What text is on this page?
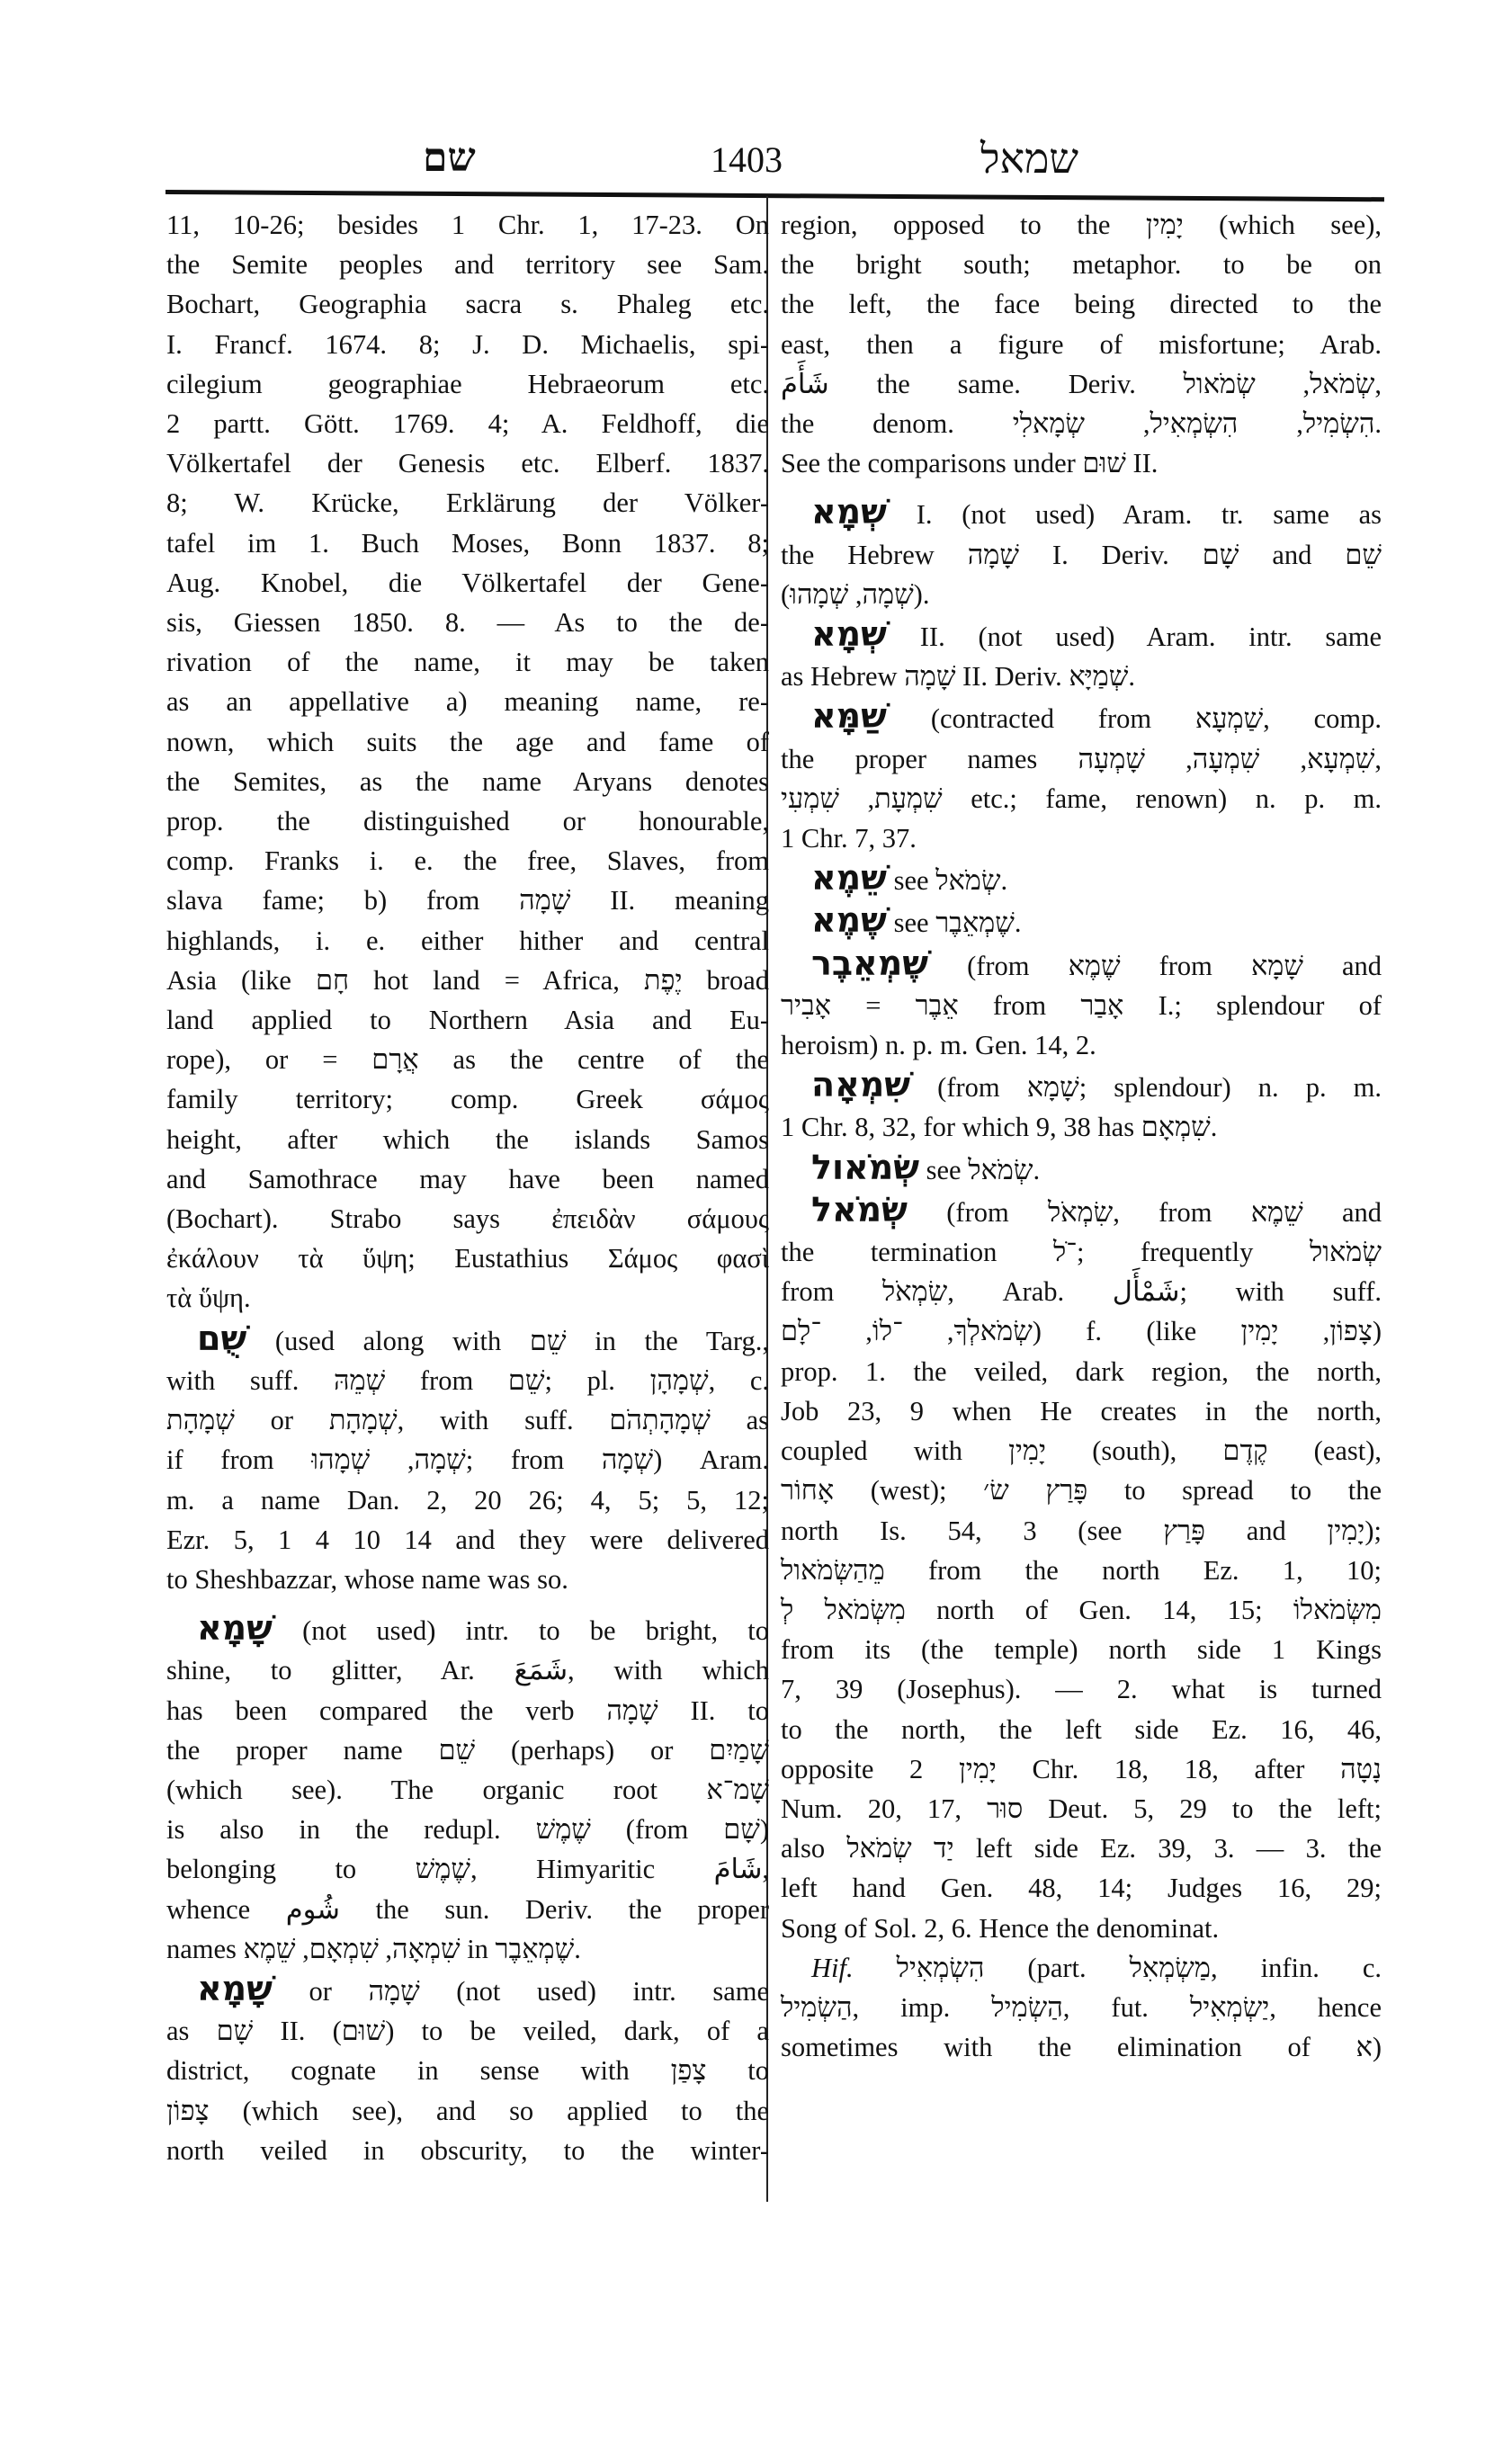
שם	1403	שמאל
11, 10-26; besides 1 Chr. 1, 17-23. On
the Semite peoples and territory see Sam.
Bochart, Geographia sacra s. Phaleg etc.
I. Francf. 1674. 8; J. D. Michaelis, spi-
cilegium geographiae Hebraeorum etc.
2 partt. Gött. 1769. 4; A. Feldhoff, die
Völkertafel der Genesis etc. Elberf. 1837.
8; W. Krücke, Erklärung der Völker-
tafel im 1. Buch Moses, Bonn 1837. 8;
Aug. Knobel, die Völkertafel der Gene-
sis, Giessen 1850. 8. — As to the de-
rivation of the name, it may be taken
as an appellative a) meaning name, re-
nown, which suits the age and fame of
the Semites, as the name Aryans denotes
prop. the distinguished or honourable,
comp. Franks i. e. the free, Slaves, from
slava fame; b) from שָׁמָה II. meaning
highlands, i. e. either hither and central
Asia (like חָם hot land = Africa, יֶפֶת broad
land applied to Northern Asia and Eu-
rope), or = אֲרָם as the centre of the
family territory; comp. Greek σάμος
height, after which the islands Samos
and Samothrace may have been named
(Bochart). Strabo says ἐπειδὰν σάμους
ἐκάλουν τὰ ὕψη; Eustathius Σάμος φασὶ
τὰ ὕψη.
שֻׁם (used along with שֵׁם in the Targ.,
with suff. שְׁמֵהּ from שֵׁם; pl. שְׁמָהָן, c.
שְׁמָהָת or שְׁמָהָת, with suff. שְׁמָהָתְהֹם as
if from שְׁמָה, שְׁמָהוּ; from שְׁמָה) Aram.
m. a name Dan. 2, 20 26; 4, 5; 5, 12;
Ezr. 5, 1 4 10 14 and they were delivered
to Sheshbazzar, whose name was so.
שָׁמָא (not used) intr. to be bright, to
shine, to glitter, Ar. شَمَعَ, with which
has been compared the verb שָׁמָה II. to
the proper name שֵׁם (perhaps) or שָׁמַיִם
(which see). The organic root שָׁמ־א
is also in the redupl. שֶׁמֶשׁ (from שָׁם)
belonging to שֶׁמֶשׁ, Himyaritic شَامَ,
whence شُوم the sun. Deriv. the proper
names שִׁמְאָה, שִׁמְאָם, שֵׁמֶא in שֶׁמְאֵבֶר.
שָׁמָא or שָׁמָה (not used) intr. same
as שָׁם II. (שׁוּם) to be veiled, dark, of a
district, cognate in sense with צָפַן to
צָפוֹן (which see), and so applied to the
north veiled in obscurity, to the winter-
region, opposed to the יָמִין (which see),
the bright south; metaphor. to be on
the left, the face being directed to the
east, then a figure of misfortune; Arab.
شَأَمَ the same. Deriv. שְׂמֹאל, שְׂמֹאול,
the denom. הִשְׂמִיל, הִשְׂמְאִיל, שְׂמָאלִי.
See the comparisons under שׁוּם II.
שְׁמָא I. (not used) Aram. tr. same as
the Hebrew שָׁמָה I. Deriv. שָׁם and שֵׁם
(שְׁמָה, שְׁמָהוּ).
שְׁמָא II. (not used) Aram. intr. same
as Hebrew שָׁמָה II. Deriv. שְׁמַיָּא.
שַׁמָּא (contracted from שַׁמְעָא, comp.
the proper names שִׁמְעָא, שִׁמְעָה, שָׁמְעָה,
שִׁמְעָת, שִׁמְעִי etc.; fame, renown) n. p. m.
1 Chr. 7, 37.
שֵׁמֶא see שְׂמֹאל.
שֶׁמֶא see שֶׁמְאֵבֶר.
שֶׁמְאֵבֶר (from שֶׁמֶא from שָׁמָא and
אֵבֶר = אָבִיר from אָבַר I.; splendour of
heroism) n. p. m. Gen. 14, 2.
שִׁמְאָה (from שָׁמָא; splendour) n. p. m.
1 Chr. 8, 32, for which 9, 38 has שִׁמְאָם.
שְׂמֹאול see שְׂמֹאל.
שְׂמֹאל (from שִׂמְאֹל, from שֵׁמֶא and
the termination ־ֹל; frequently שְׂמֹאול
from שִׂמְאֹל, Arab. شَمْأَل; with suff.
שְׂמֹאלְךָ, ־לוֹ, ־לָם) f. (like צָפוֹן, יָמִין)
prop. 1. the veiled, dark region, the north,
Job 23, 9 when He creates in the north,
coupled with יָמִין (south), קֶדֶם (east),
אָחוֹר (west); פָּרַץ שׂ׳ to spread to the
north Is. 54, 3 (see פָּרַץ and יָמִין);
מֵהַשְּׂמֹאול from the north Ez. 1, 10;
מִשְּׂמֹאל לְ north of Gen. 14, 15; מִשְּׂמֹאלוֹ
from its (the temple) north side 1 Kings
7, 39 (Josephus). — 2. what is turned
to the north, the left side Ez. 16, 46,
opposite יָמִין 2 Chr. 18, 18, after נָטָה
Num. 20, 17, סוּר Deut. 5, 29 to the left;
also יַד שְׂמֹאל left side Ez. 39, 3. — 3. the
left hand Gen. 48, 14; Judges 16, 29;
Song of Sol. 2, 6. Hence the denominat.
Hif. הִשְׂמְאִיל (part. מַשְׂמְאִל, infin. c.
הַשְׂמִיל, imp. הַשְׂמִיל, fut. יַשְׂמְאִיל, hence
sometimes with the elimination of א)
